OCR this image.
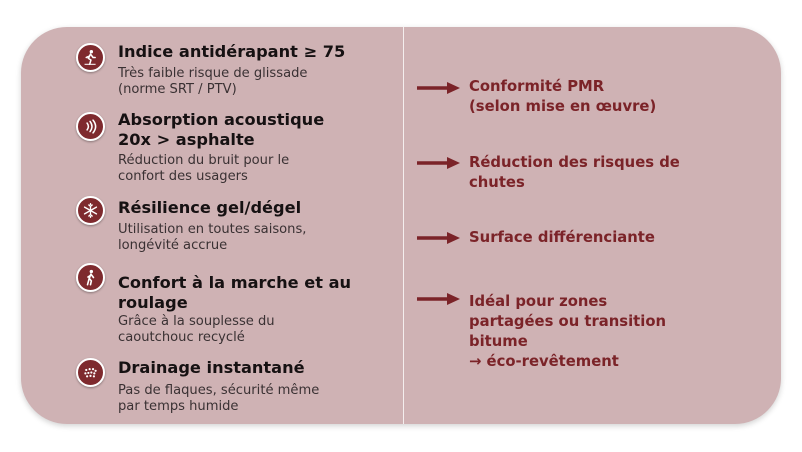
Indice antidérapant ≥ 75
Très faible risque de glissade
(norme SRT / PTV)
Absorption acoustique
20x > asphalte
Réduction du bruit pour le
confort des usagers
Résilience gel/dégel
Utilisation en toutes saisons,
longévité accrue
Confort à la marche et au
roulage
Grâce à la souplesse du
caoutchouc recyclé
Drainage instantané
Pas de flaques, sécurité même
par temps humide
Conformité PMR
(selon mise en œuvre)
Réduction des risques de
chutes
Surface différenciante
Idéal pour zones
partagées ou transition
bitume
→ éco-revêtement
